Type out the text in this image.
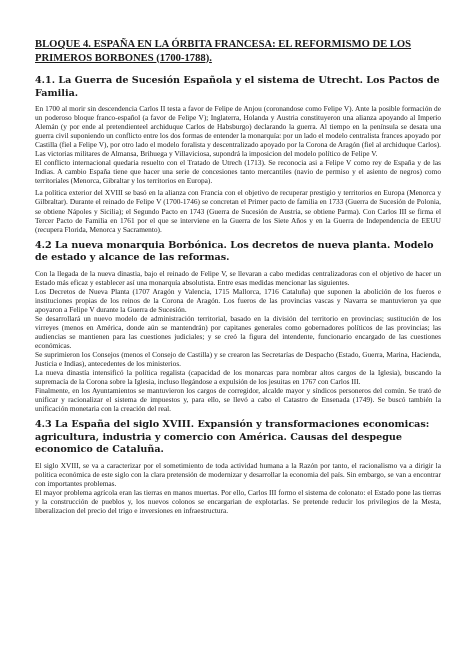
BLOQUE 4. ESPAÑA EN LA ÓRBITA FRANCESA: EL REFORMISMO DE LOS PRIMEROS BORBONES (1700-1788).

4.1. La Guerra de Sucesión Española y el sistema de Utrecht. Los Pactos de Familia.

En 1700 al morir sin descendencia Carlos II testa a favor de Felipe de Anjou (coronandose como Felipe V). Ante la posible formación de un poderoso bloque franco-español (a favor de Felipe V); Inglaterra, Holanda y Austria constituyeron una alianza apoyando al Imperio Alemán (y por ende al pretendienteel archiduque Carlos de Habsburgo) declarando la guerra. Al tiempo en la península se desata una guerra civil suponiendo un conflicto entre los dos formas de entender la monarquía: por un lado el modelo centralista frances apoyado por Castilla (fiel a Felipe V), por otro lado el modelo foralista y descentralizado apoyado por la Corona de Aragón (fiel al archiduque Carlos). Las victorias militares de Almansa, Brihuega y Villaviciosa, supondrá la imposicion del modelo político de Felipe V.

El conflicto internacional quedaria resuelto con el Tratado de Utrech (1713). Se reconocia asi a Felipe V como rey de España y de las Indias. A cambio España tiene que hacer una serie de concesiones tanto mercantiles (navio de permiso y el asiento de negros) como territoriales (Menorca, Gibraltar y los territorios en Europa).

La política exterior del XVIII se basó en la alianza con Francia con el objetivo de recuperar prestigio y territorios en Europa (Menorca y Gilbraltar). Durante el reinado de Felipe V (1700-1746) se concretan el Primer pacto de familia en 1733 (Guerra de Sucesión de Polonia, se obtiene Nápoles y Sicilia); el Segundo Pacto en 1743 (Guerra de Sucesión de Austria, se obtiene Parma). Con Carlos III se firma el Tercer Pacto de Familia en 1761 por el que se interviene en la Guerra de los Siete Años y en la Guerra de Independencia de EEUU (recupera Florida, Menorca y Sacramento).

4.2 La nueva monarquia Borbónica. Los decretos de nueva planta. Modelo de estado y alcance de las reformas.

Con la llegada de la nueva dinastia, bajo el reinado de Felipe V, se llevaran a cabo medidas centralizadoras con el objetivo de hacer un Estado más eficaz y establecer así una monarquía absolutista. Entre esas medidas mencionar las siguientes.

Los Decretos de Nueva Planta (1707 Aragón y Valencia, 1715 Mallorca, 1716 Cataluña) que suponen la abolición de los fueros e instituciones propias de los reinos de la Corona de Aragón. Los fueros de las provincias vascas y Navarra se mantuvieron ya que apoyaron a Felipe V durante la Guerra de Sucesión.

Se desarrollará un nuevo modelo de administración territorial, basado en la división del territorio en provincias; sustitución de los virreyes (menos en América, donde aún se mantendrán) por capitanes generales como gobernadores políticos de las provincias; las audiencias se mantienen para las cuestiones judiciales; y se creó la figura del intendente, funcionario encargado de las cuestiones económicas.

Se suprimieron los Consejos (menos el Consejo de Castilla) y se crearon las Secretarías de Despacho (Estado, Guerra, Marina, Hacienda, Justicia e Indias), antecedentes de los ministerios.

La nueva dinastía intensificó la política regalista (capacidad de los monarcas para nombrar altos cargos de la Iglesia), buscando la supremacía de la Corona sobre la Iglesia, incluso llegándose a expulsión de los jesuitas en 1767 con Carlos III.

Finalmente, en los Ayuntamientos se mantuvieron los cargos de corregidor, alcalde mayor y síndicos personeros del común. Se trató de unificar y racionalizar el sistema de impuestos y, para ello, se llevó a cabo el Catastro de Ensenada (1749). Se buscó también la unificación monetaria con la creación del real.

4.3 La España del siglo XVIII. Expansión y transformaciones economicas: agricultura, industria y comercio con América. Causas del despegue economico de Cataluña.

El siglo XVIII, se va a caracterizar por el sometimiento de toda actividad humana a la Razón por tanto, el racionalismo va a dirigir la politica económica de este siglo con la clara pretensión de modernizar y desarrollar la economia del país. Sin embargo, se van a encontrar con importantes problemas.

El mayor problema agrícola eran las tierras en manos muertas. Por ello, Carlos III formo el sistema de colonato: el Estado pone las tierras y la construcción de pueblos y, los nuevos colonos se encargarian de explotarlas. Se pretende reducir los privilegios de la Mesta, liberalizacion del precio del trigo e inversiones en infraestructura.
